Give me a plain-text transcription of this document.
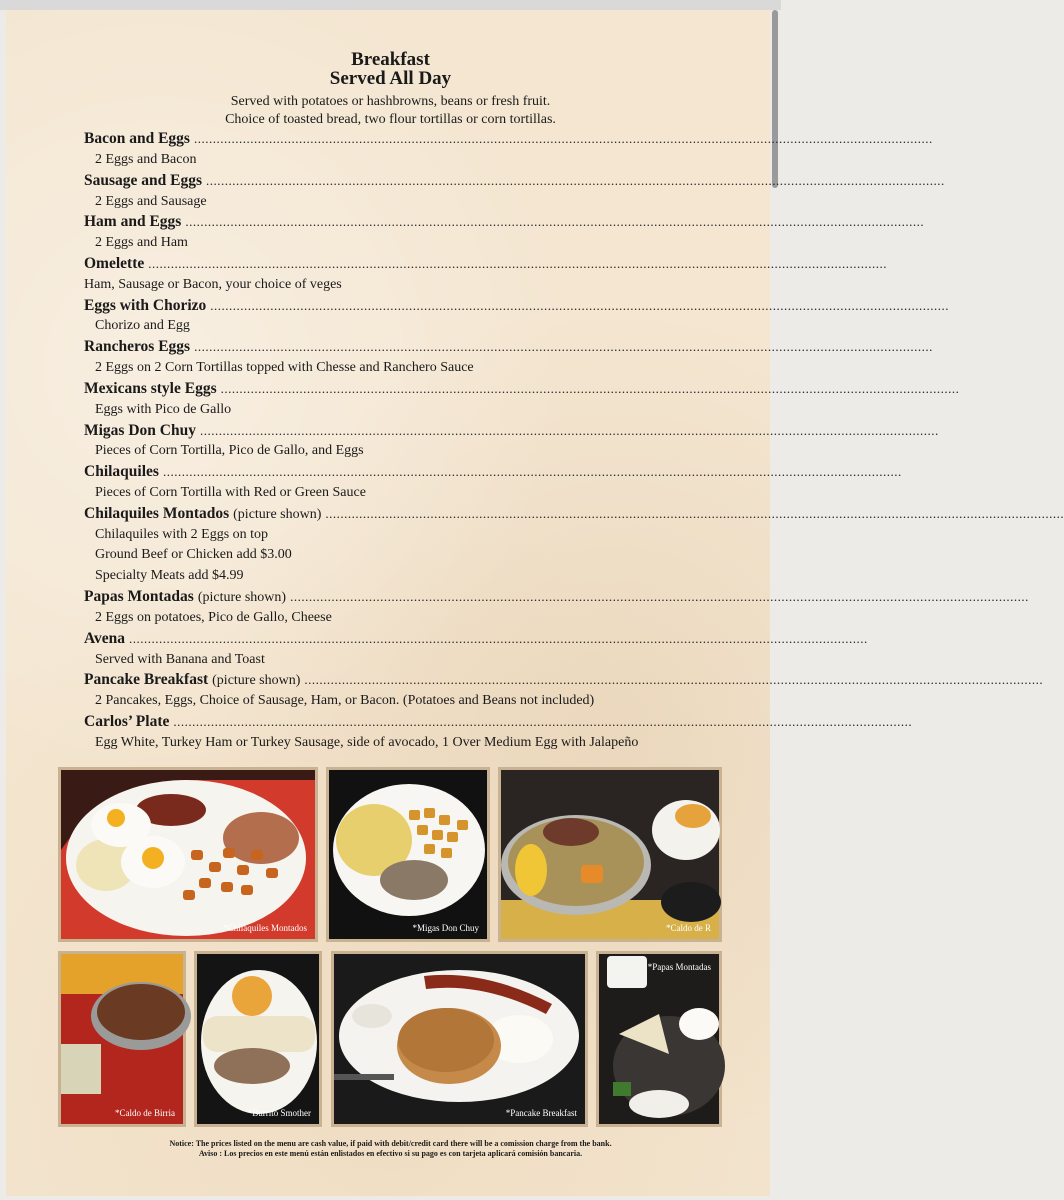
Breakfast
Served All Day
Served with potatoes or hashbrowns, beans or fresh fruit.
Choice of toasted bread, two flour tortillas or corn tortillas.
Bacon and Eggs .....................................................................................................................................................................................................
2 Eggs and Bacon
Sausage and Eggs .....................................................................................................................................................................................................
2 Eggs and Sausage
Ham and Eggs .....................................................................................................................................................................................................
2 Eggs and Ham
Omelette .....................................................................................................................................................................................................
Ham, Sausage or Bacon, your choice of veges
Eggs with Chorizo .....................................................................................................................................................................................................
Chorizo and Egg
Rancheros Eggs .....................................................................................................................................................................................................
2 Eggs on 2 Corn Tortillas topped with Chesse and Ranchero Sauce
Mexicans style Eggs .....................................................................................................................................................................................................
Eggs with Pico de Gallo
Migas Don Chuy .....................................................................................................................................................................................................
Pieces of Corn Tortilla, Pico de Gallo, and Eggs
Chilaquiles .....................................................................................................................................................................................................
Pieces of Corn Tortilla with Red or Green Sauce
Chilaquiles Montados (picture shown) .....................................................................................................................................................................................................
Chilaquiles with 2 Eggs on top
Ground Beef or Chicken add $3.00
Specialty Meats add $4.99
Papas Montadas (picture shown) .....................................................................................................................................................................................................
2 Eggs on potatoes, Pico de Gallo, Cheese
Avena .....................................................................................................................................................................................................
Served with Banana and Toast
Pancake Breakfast (picture shown) .....................................................................................................................................................................................................
2 Pancakes, Eggs, Choice of Sausage, Ham, or Bacon. (Potatoes and Beans not included)
Carlos’ Plate .....................................................................................................................................................................................................
Egg White, Turkey Ham or Turkey Sausage, side of avocado, 1 Over Medium Egg with Jalapeño
*Chilaquiles Montados	*Migas Don Chuy	*Caldo de R
*Caldo de Birria	*Burrito Smother	*Pancake Breakfast
*Papas Montadas
Notice: The prices listed on the menu are cash value, if paid with debit/credit card there will be a comission charge from the bank.
Aviso : Los precios en este menú están enlistados en efectivo si su pago es con tarjeta aplicará comisión bancaria.
